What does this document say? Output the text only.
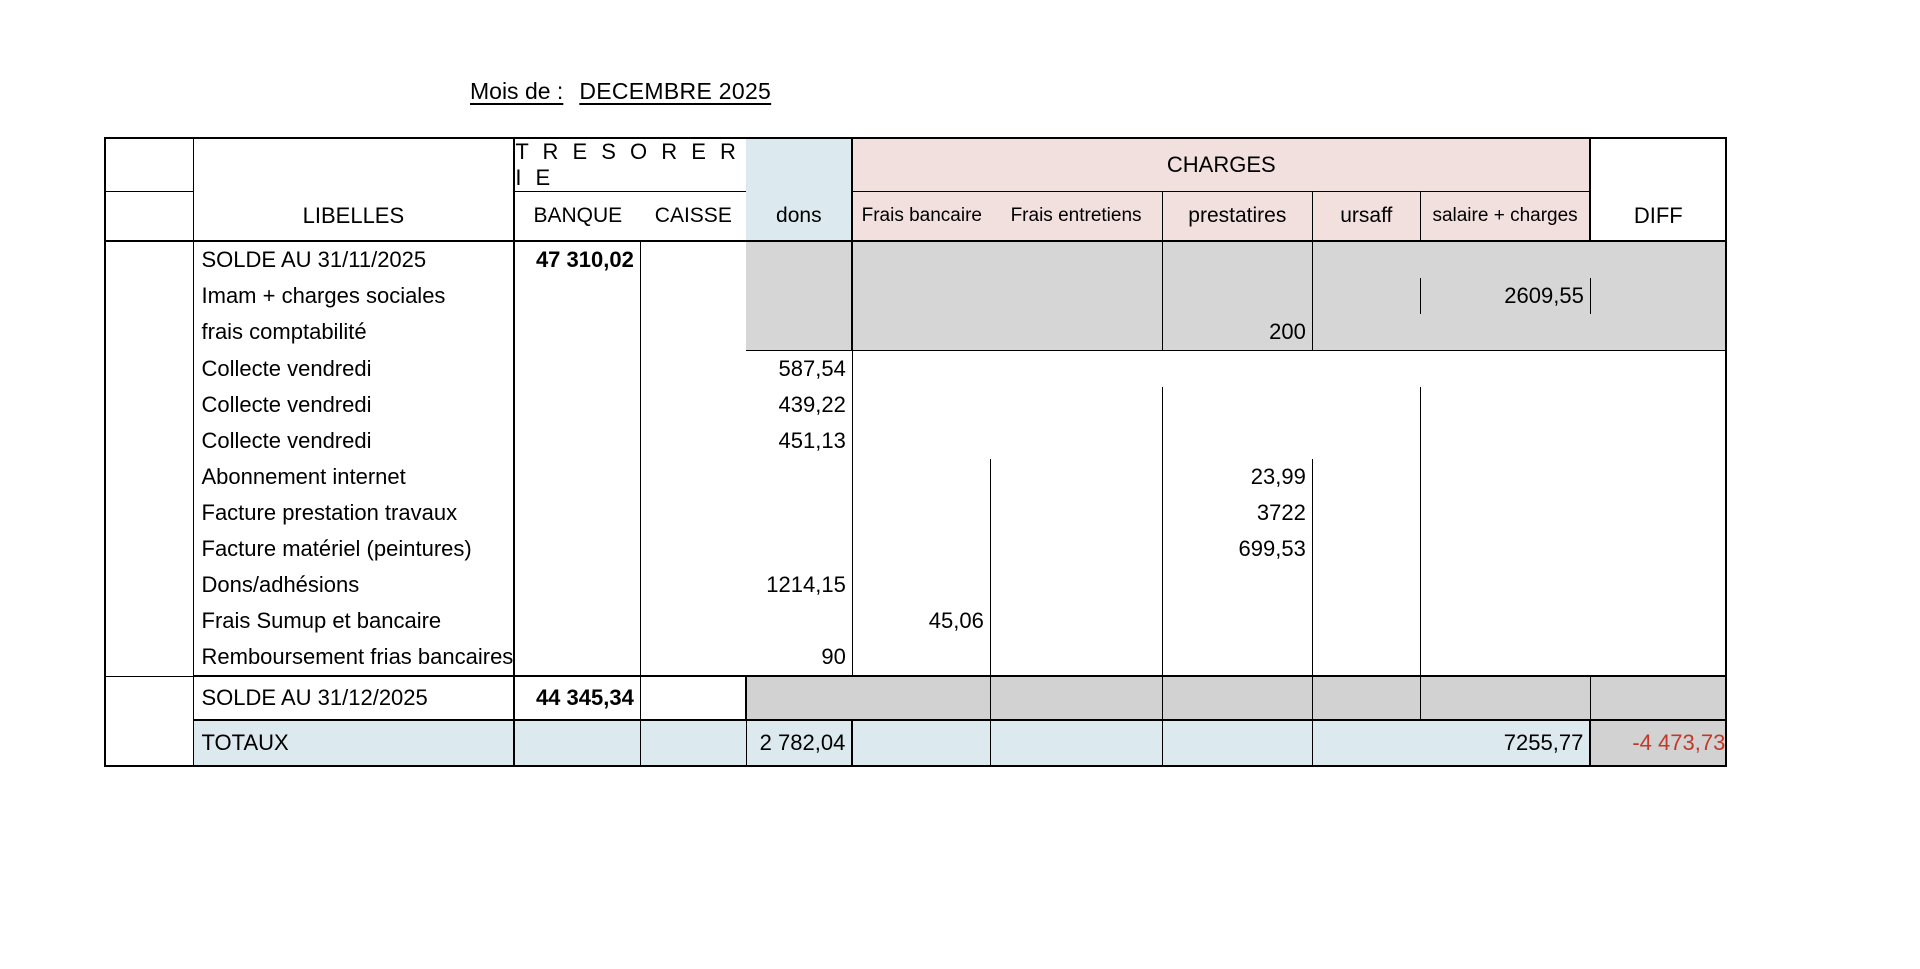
Mois de : DECEMBRE 2025
		T R E S O R E R I E			CHARGES					
	LIBELLES	BANQUE	CAISSE	dons	Frais bancaire	Frais entretiens	prestatires	ursaff	salaire + charges	DIFF
	SOLDE AU 31/11/2025	47 310,02								
	Imam + charges sociales								2609,55	
	frais comptabilité						200			
	Collecte vendredi			587,54						
	Collecte vendredi			439,22						
	Collecte vendredi			451,13						
	Abonnement internet						23,99			
	Facture prestation travaux						3722			
	Facture matériel (peintures)						699,53			
	Dons/adhésions			1214,15						
	Frais Sumup et bancaire				45,06					
	Remboursement frias bancaires			90						
	SOLDE AU 31/12/2025	44 345,34								
	TOTAUX			2 782,04					7255,77	-4 473,73
